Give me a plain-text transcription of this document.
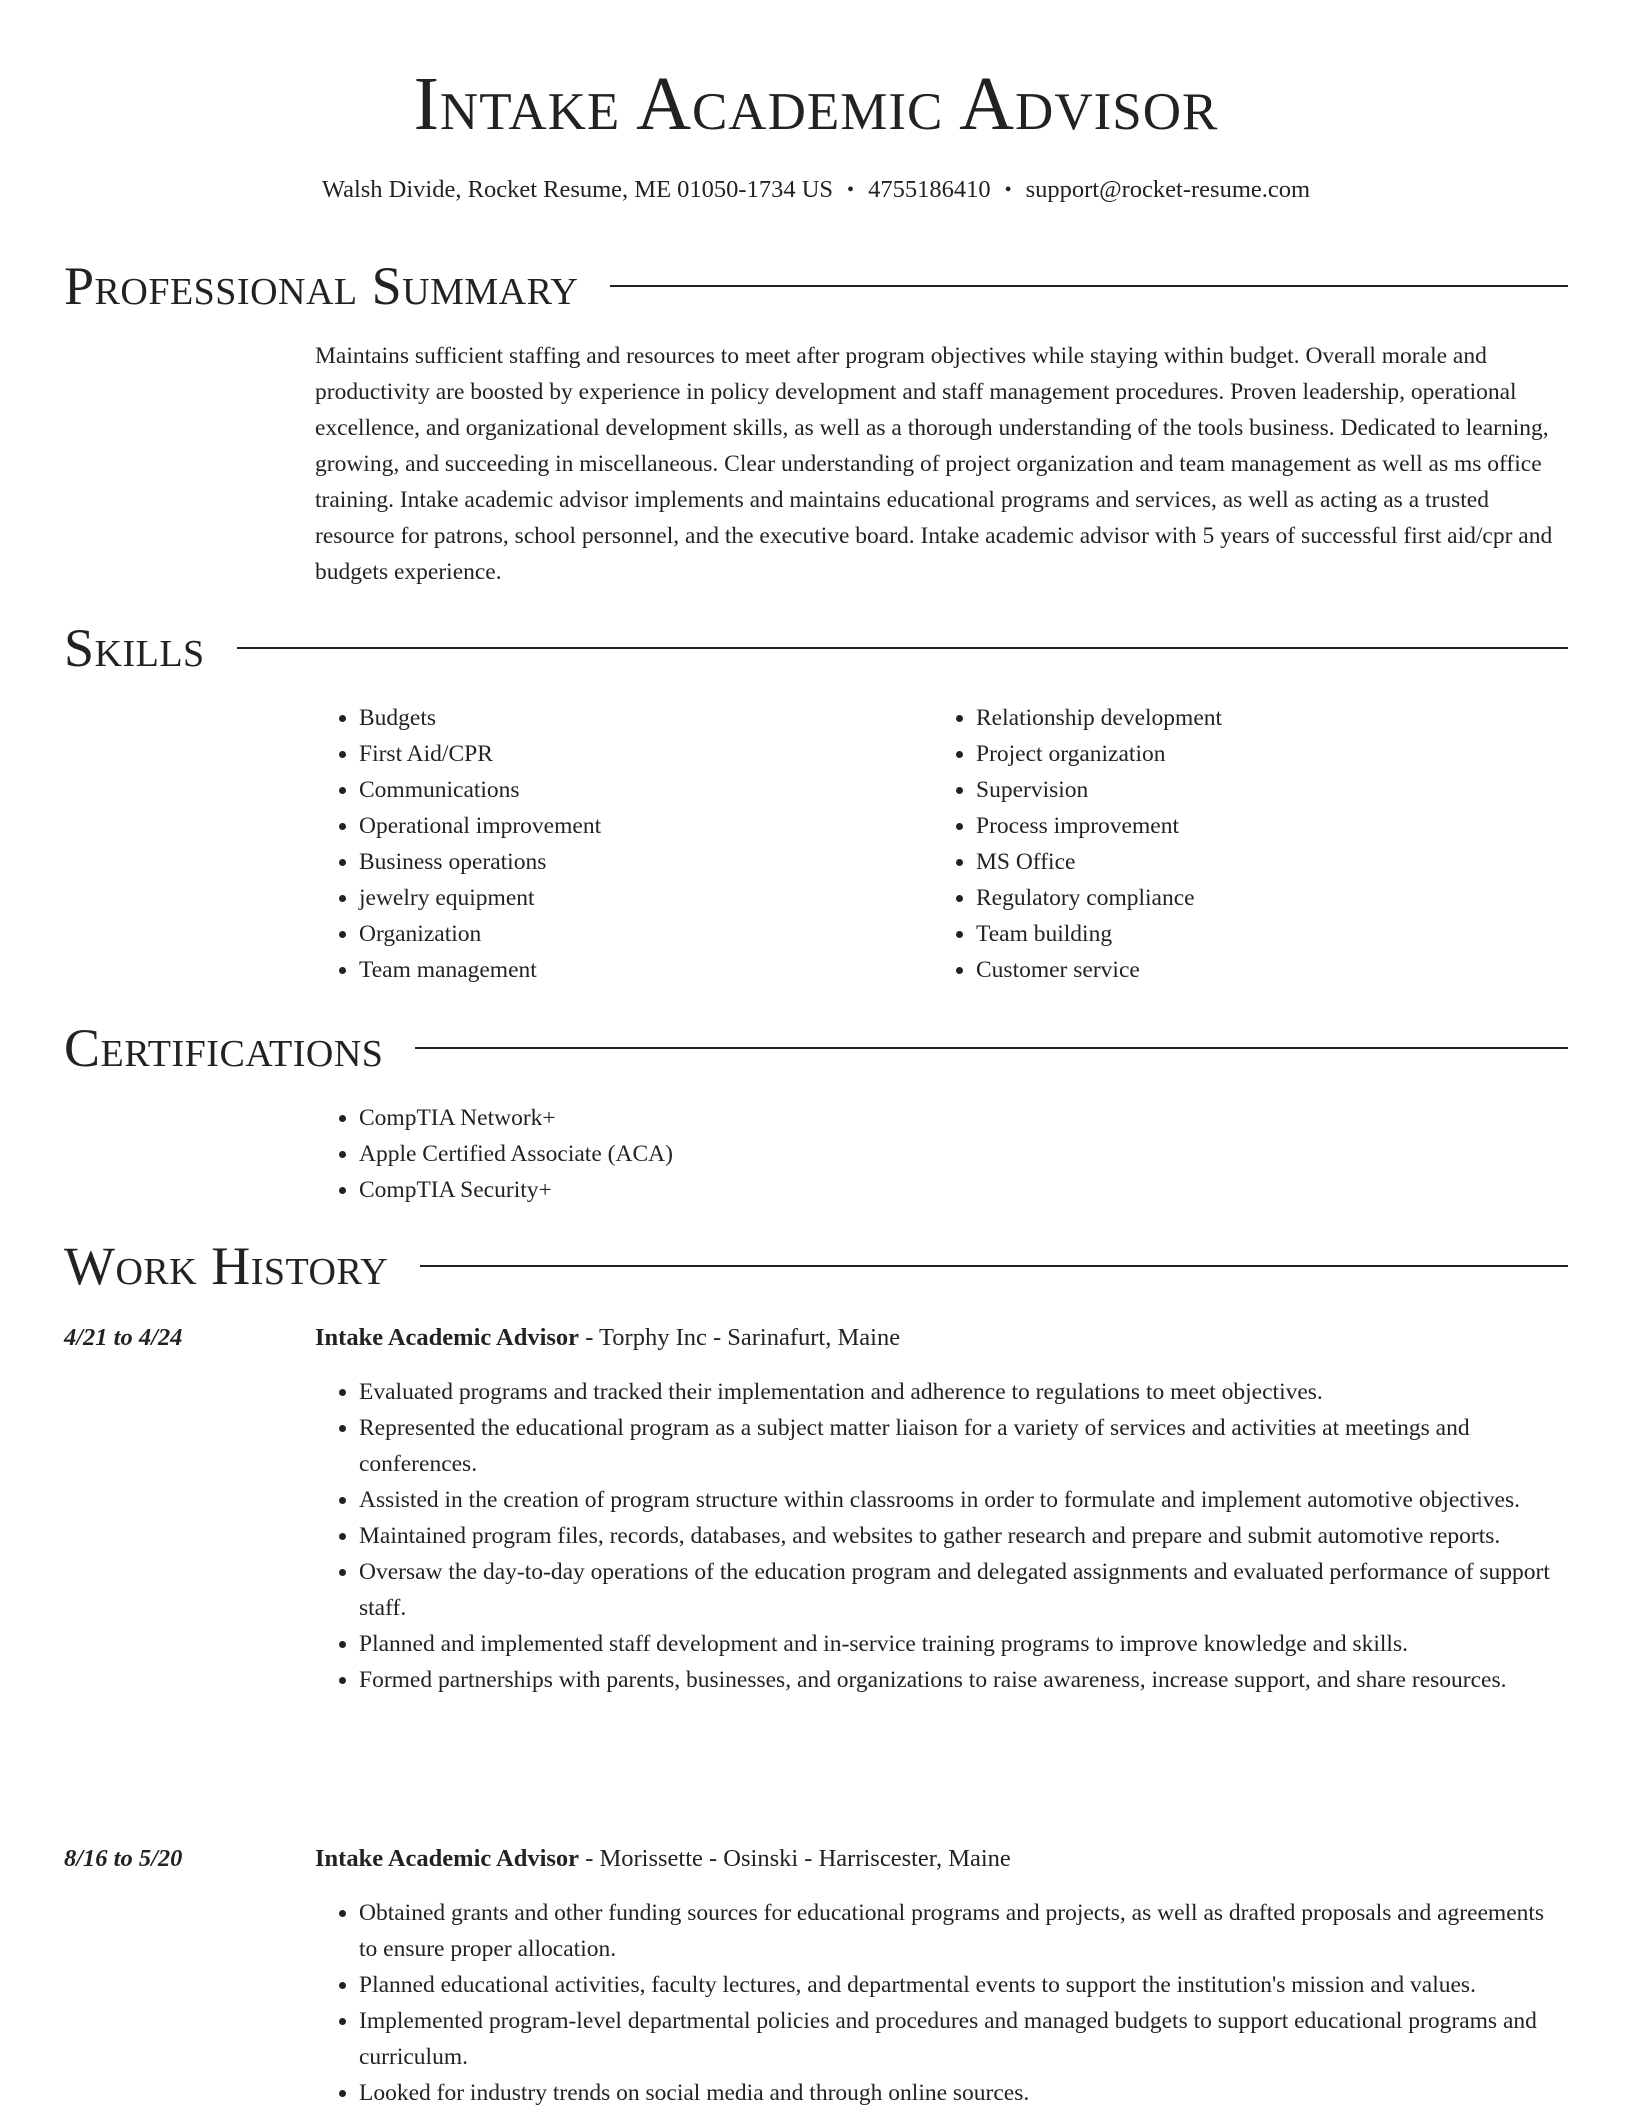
Intake Academic Advisor
Walsh Divide, Rocket Resume, ME 01050-1734 US • 4755186410 • support@rocket-resume.com
Professional Summary
Maintains sufficient staffing and resources to meet after program objectives while staying within budget. Overall morale and productivity are boosted by experience in policy development and staff management procedures. Proven leadership, operational excellence, and organizational development skills, as well as a thorough understanding of the tools business. Dedicated to learning, growing, and succeeding in miscellaneous. Clear understanding of project organization and team management as well as ms office training. Intake academic advisor implements and maintains educational programs and services, as well as acting as a trusted resource for patrons, school personnel, and the executive board. Intake academic advisor with 5 years of successful first aid/cpr and budgets experience.
Skills
• Budgets
• First Aid/CPR
• Communications
• Operational improvement
• Business operations
• jewelry equipment
• Organization
• Team management
• Relationship development
• Project organization
• Supervision
• Process improvement
• MS Office
• Regulatory compliance
• Team building
• Customer service
Certifications
• CompTIA Network+
• Apple Certified Associate (ACA)
• CompTIA Security+
Work History
4/21 to 4/24	Intake Academic Advisor - Torphy Inc - Sarinafurt, Maine
• Evaluated programs and tracked their implementation and adherence to regulations to meet objectives.
• Represented the educational program as a subject matter liaison for a variety of services and activities at meetings and conferences.
• Assisted in the creation of program structure within classrooms in order to formulate and implement automotive objectives.
• Maintained program files, records, databases, and websites to gather research and prepare and submit automotive reports.
• Oversaw the day-to-day operations of the education program and delegated assignments and evaluated performance of support staff.
• Planned and implemented staff development and in-service training programs to improve knowledge and skills.
• Formed partnerships with parents, businesses, and organizations to raise awareness, increase support, and share resources.
8/16 to 5/20	Intake Academic Advisor - Morissette - Osinski - Harriscester, Maine
• Obtained grants and other funding sources for educational programs and projects, as well as drafted proposals and agreements to ensure proper allocation.
• Planned educational activities, faculty lectures, and departmental events to support the institution's mission and values.
• Implemented program-level departmental policies and procedures and managed budgets to support educational programs and curriculum.
• Looked for industry trends on social media and through online sources.
